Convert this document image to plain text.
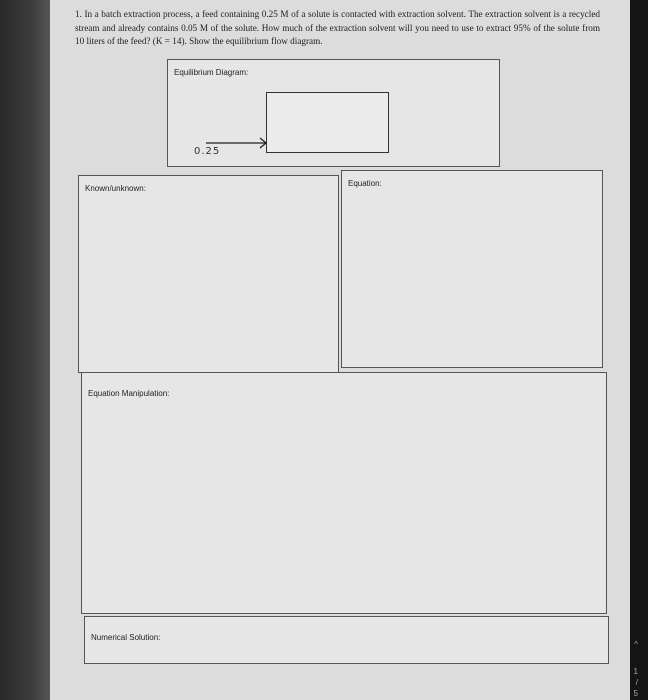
1. In a batch extraction process, a feed containing 0.25 M of a solute is contacted with extraction solvent. The extraction solvent is a recycled stream and already contains 0.05 M of the solute. How much of the extraction solvent will you need to use to extract 95% of the solute from 10 liters of the feed? (K = 14). Show the equilibrium flow diagram.
Equilibrium Diagram:
0.25
Known/unknown:
Equation:
Equation Manipulation:
Numerical Solution:
^
1
/
5
